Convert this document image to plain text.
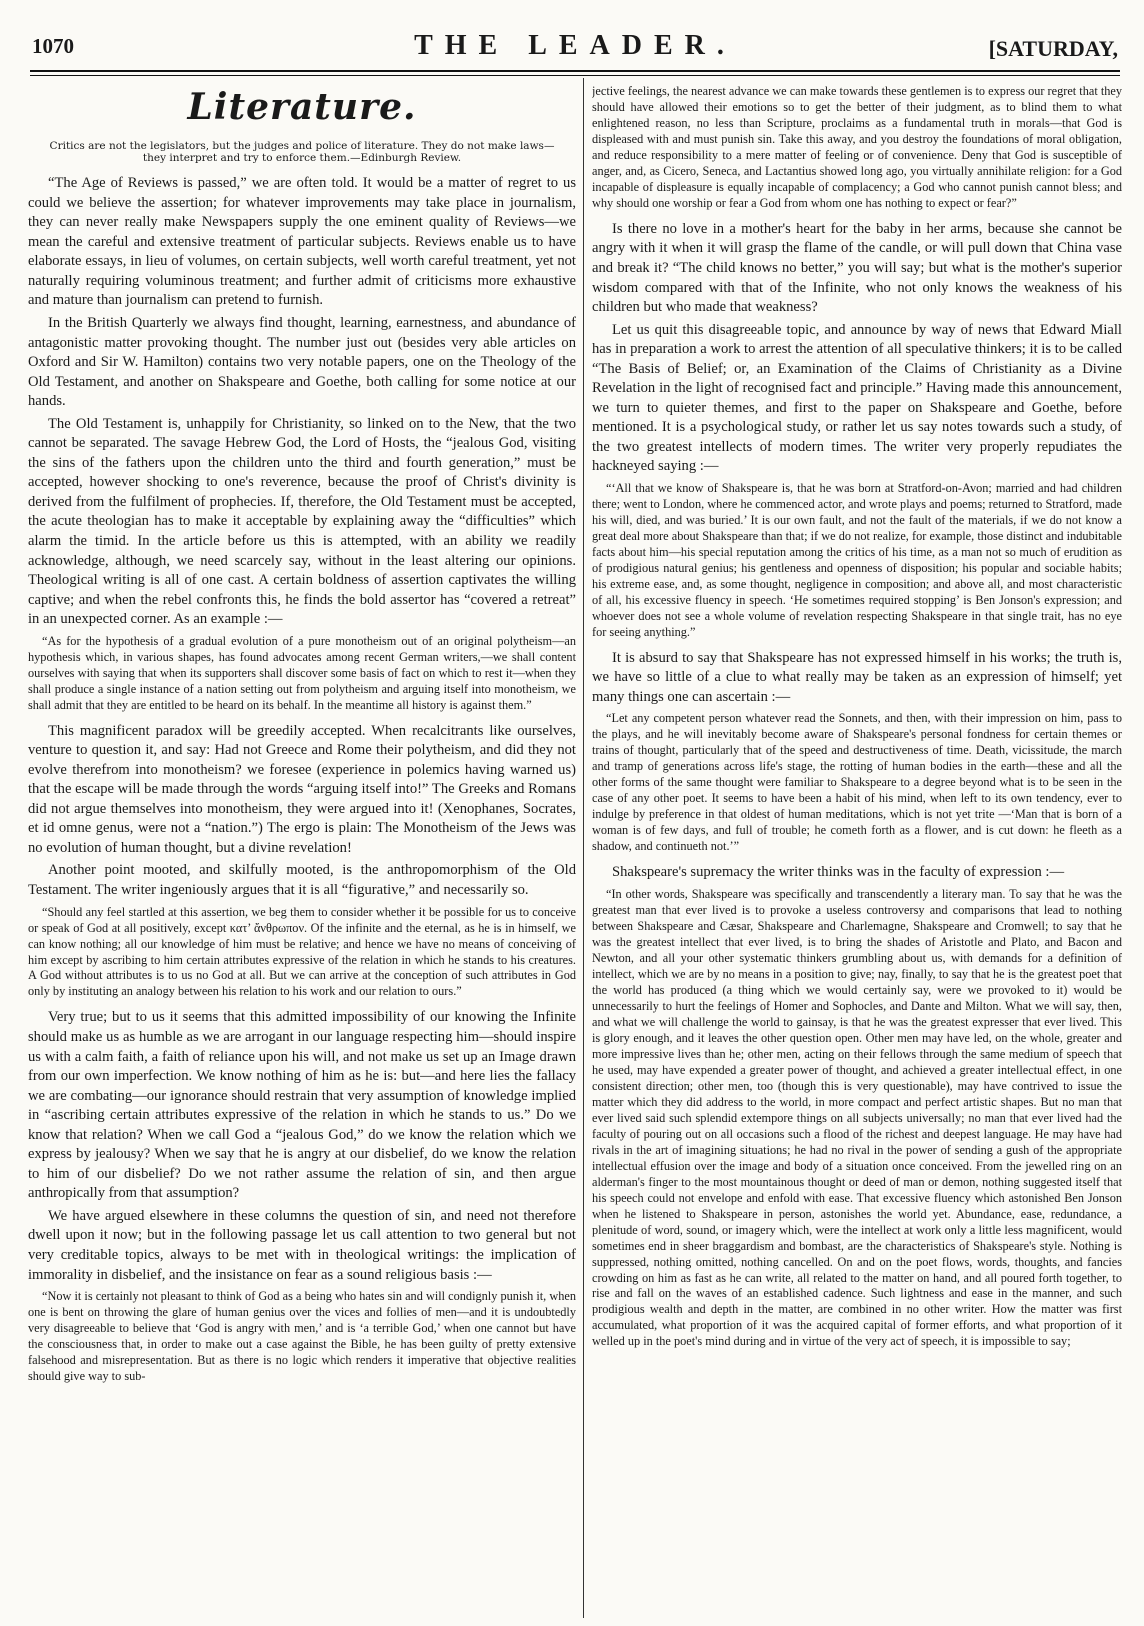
1070	THE LEADER.	[SATURDAY,
Literature.
Critics are not the legislators, but the judges and police of literature. They do not make laws—they interpret and try to enforce them.—Edinburgh Review.

“The Age of Reviews is passed,” we are often told. It would be a matter of regret to us could we believe the assertion; for whatever improvements may take place in journalism, they can never really make Newspapers supply the one eminent quality of Reviews—we mean the careful and extensive treatment of particular subjects. Reviews enable us to have elaborate essays, in lieu of volumes, on certain subjects, well worth careful treatment, yet not naturally requiring voluminous treatment; and further admit of criticisms more exhaustive and mature than journalism can pretend to furnish.

In the British Quarterly we always find thought, learning, earnestness, and abundance of antagonistic matter provoking thought. The number just out (besides very able articles on Oxford and Sir W. Hamilton) contains two very notable papers, one on the Theology of the Old Testament, and another on Shakspeare and Goethe, both calling for some notice at our hands.

The Old Testament is, unhappily for Christianity, so linked on to the New, that the two cannot be separated. The savage Hebrew God, the Lord of Hosts, the “jealous God, visiting the sins of the fathers upon the children unto the third and fourth generation,” must be accepted, however shocking to one's reverence, because the proof of Christ's divinity is derived from the fulfilment of prophecies. If, therefore, the Old Testament must be accepted, the acute theologian has to make it acceptable by explaining away the “difficulties” which alarm the timid. In the article before us this is attempted, with an ability we readily acknowledge, although, we need scarcely say, without in the least altering our opinions. Theological writing is all of one cast. A certain boldness of assertion captivates the willing captive; and when the rebel confronts this, he finds the bold assertor has “covered a retreat” in an unexpected corner. As an example :—

“As for the hypothesis of a gradual evolution of a pure monotheism out of an original polytheism—an hypothesis which, in various shapes, has found advocates among recent German writers,—we shall content ourselves with saying that when its supporters shall discover some basis of fact on which to rest it—when they shall produce a single instance of a nation setting out from polytheism and arguing itself into monotheism, we shall admit that they are entitled to be heard on its behalf. In the meantime all history is against them.”

This magnificent paradox will be greedily accepted. When recalcitrants like ourselves, venture to question it, and say: Had not Greece and Rome their polytheism, and did they not evolve therefrom into monotheism? we foresee (experience in polemics having warned us) that the escape will be made through the words “arguing itself into!” The Greeks and Romans did not argue themselves into monotheism, they were argued into it! (Xenophanes, Socrates, et id omne genus, were not a “nation.”) The ergo is plain: The Monotheism of the Jews was no evolution of human thought, but a divine revelation!

Another point mooted, and skilfully mooted, is the anthropomorphism of the Old Testament. The writer ingeniously argues that it is all “figurative,” and necessarily so.

“Should any feel startled at this assertion, we beg them to consider whether it be possible for us to conceive or speak of God at all positively, except κατ’ ἄνθρωπον. Of the infinite and the eternal, as he is in himself, we can know nothing; all our knowledge of him must be relative; and hence we have no means of conceiving of him except by ascribing to him certain attributes expressive of the relation in which he stands to his creatures. A God without attributes is to us no God at all. But we can arrive at the conception of such attributes in God only by instituting an analogy between his relation to his work and our relation to ours.”

Very true; but to us it seems that this admitted impossibility of our knowing the Infinite should make us as humble as we are arrogant in our language respecting him—should inspire us with a calm faith, a faith of reliance upon his will, and not make us set up an Image drawn from our own imperfection. We know nothing of him as he is: but—and here lies the fallacy we are combating—our ignorance should restrain that very assumption of knowledge implied in “ascribing certain attributes expressive of the relation in which he stands to us.” Do we know that relation? When we call God a “jealous God,” do we know the relation which we express by jealousy? When we say that he is angry at our disbelief, do we know the relation to him of our disbelief? Do we not rather assume the relation of sin, and then argue anthropically from that assumption?

We have argued elsewhere in these columns the question of sin, and need not therefore dwell upon it now; but in the following passage let us call attention to two general but not very creditable topics, always to be met with in theological writings: the implication of immorality in disbelief, and the insistance on fear as a sound religious basis :—

“Now it is certainly not pleasant to think of God as a being who hates sin and will condignly punish it, when one is bent on throwing the glare of human genius over the vices and follies of men—and it is undoubtedly very disagreeable to believe that ‘God is angry with men,’ and is ‘a terrible God,’ when one cannot but have the consciousness that, in order to make out a case against the Bible, he has been guilty of pretty extensive falsehood and misrepresentation. But as there is no logic which renders it imperative that objective realities should give way to sub-

jective feelings, the nearest advance we can make towards these gentlemen is to express our regret that they should have allowed their emotions so to get the better of their judgment, as to blind them to what enlightened reason, no less than Scripture, proclaims as a fundamental truth in morals—that God is displeased with and must punish sin. Take this away, and you destroy the foundations of moral obligation, and reduce responsibility to a mere matter of feeling or of convenience. Deny that God is susceptible of anger, and, as Cicero, Seneca, and Lactantius showed long ago, you virtually annihilate religion: for a God incapable of displeasure is equally incapable of complacency; a God who cannot punish cannot bless; and why should one worship or fear a God from whom one has nothing to expect or fear?”

Is there no love in a mother's heart for the baby in her arms, because she cannot be angry with it when it will grasp the flame of the candle, or will pull down that China vase and break it? “The child knows no better,” you will say; but what is the mother's superior wisdom compared with that of the Infinite, who not only knows the weakness of his children but who made that weakness?

Let us quit this disagreeable topic, and announce by way of news that Edward Miall has in preparation a work to arrest the attention of all speculative thinkers; it is to be called “The Basis of Belief; or, an Examination of the Claims of Christianity as a Divine Revelation in the light of recognised fact and principle.” Having made this announcement, we turn to quieter themes, and first to the paper on Shakspeare and Goethe, before mentioned. It is a psychological study, or rather let us say notes towards such a study, of the two greatest intellects of modern times. The writer very properly repudiates the hackneyed saying :—

“‘All that we know of Shakspeare is, that he was born at Stratford-on-Avon; married and had children there; went to London, where he commenced actor, and wrote plays and poems; returned to Stratford, made his will, died, and was buried.’ It is our own fault, and not the fault of the materials, if we do not know a great deal more about Shakspeare than that; if we do not realize, for example, those distinct and indubitable facts about him—his special reputation among the critics of his time, as a man not so much of erudition as of prodigious natural genius; his gentleness and openness of disposition; his popular and sociable habits; his extreme ease, and, as some thought, negligence in composition; and above all, and most characteristic of all, his excessive fluency in speech. ‘He sometimes required stopping’ is Ben Jonson's expression; and whoever does not see a whole volume of revelation respecting Shakspeare in that single trait, has no eye for seeing anything.”

It is absurd to say that Shakspeare has not expressed himself in his works; the truth is, we have so little of a clue to what really may be taken as an expression of himself; yet many things one can ascertain :—

“Let any competent person whatever read the Sonnets, and then, with their impression on him, pass to the plays, and he will inevitably become aware of Shakspeare's personal fondness for certain themes or trains of thought, particularly that of the speed and destructiveness of time. Death, vicissitude, the march and tramp of generations across life's stage, the rotting of human bodies in the earth—these and all the other forms of the same thought were familiar to Shakspeare to a degree beyond what is to be seen in the case of any other poet. It seems to have been a habit of his mind, when left to its own tendency, ever to indulge by preference in that oldest of human meditations, which is not yet trite —‘Man that is born of a woman is of few days, and full of trouble; he cometh forth as a flower, and is cut down: he fleeth as a shadow, and continueth not.’”

Shakspeare's supremacy the writer thinks was in the faculty of expression :—

“In other words, Shakspeare was specifically and transcendently a literary man. To say that he was the greatest man that ever lived is to provoke a useless controversy and comparisons that lead to nothing between Shakspeare and Cæsar, Shakspeare and Charlemagne, Shakspeare and Cromwell; to say that he was the greatest intellect that ever lived, is to bring the shades of Aristotle and Plato, and Bacon and Newton, and all your other systematic thinkers grumbling about us, with demands for a definition of intellect, which we are by no means in a position to give; nay, finally, to say that he is the greatest poet that the world has produced (a thing which we would certainly say, were we provoked to it) would be unnecessarily to hurt the feelings of Homer and Sophocles, and Dante and Milton. What we will say, then, and what we will challenge the world to gainsay, is that he was the greatest expresser that ever lived. This is glory enough, and it leaves the other question open. Other men may have led, on the whole, greater and more impressive lives than he; other men, acting on their fellows through the same medium of speech that he used, may have expended a greater power of thought, and achieved a greater intellectual effect, in one consistent direction; other men, too (though this is very questionable), may have contrived to issue the matter which they did address to the world, in more compact and perfect artistic shapes. But no man that ever lived said such splendid extempore things on all subjects universally; no man that ever lived had the faculty of pouring out on all occasions such a flood of the richest and deepest language. He may have had rivals in the art of imagining situations; he had no rival in the power of sending a gush of the appropriate intellectual effusion over the image and body of a situation once conceived. From the jewelled ring on an alderman's finger to the most mountainous thought or deed of man or demon, nothing suggested itself that his speech could not envelope and enfold with ease. That excessive fluency which astonished Ben Jonson when he listened to Shakspeare in person, astonishes the world yet. Abundance, ease, redundance, a plenitude of word, sound, or imagery which, were the intellect at work only a little less magnificent, would sometimes end in sheer braggardism and bombast, are the characteristics of Shakspeare's style. Nothing is suppressed, nothing omitted, nothing cancelled. On and on the poet flows, words, thoughts, and fancies crowding on him as fast as he can write, all related to the matter on hand, and all poured forth together, to rise and fall on the waves of an established cadence. Such lightness and ease in the manner, and such prodigious wealth and depth in the matter, are combined in no other writer. How the matter was first accumulated, what proportion of it was the acquired capital of former efforts, and what proportion of it welled up in the poet's mind during and in virtue of the very act of speech, it is impossible to say;
